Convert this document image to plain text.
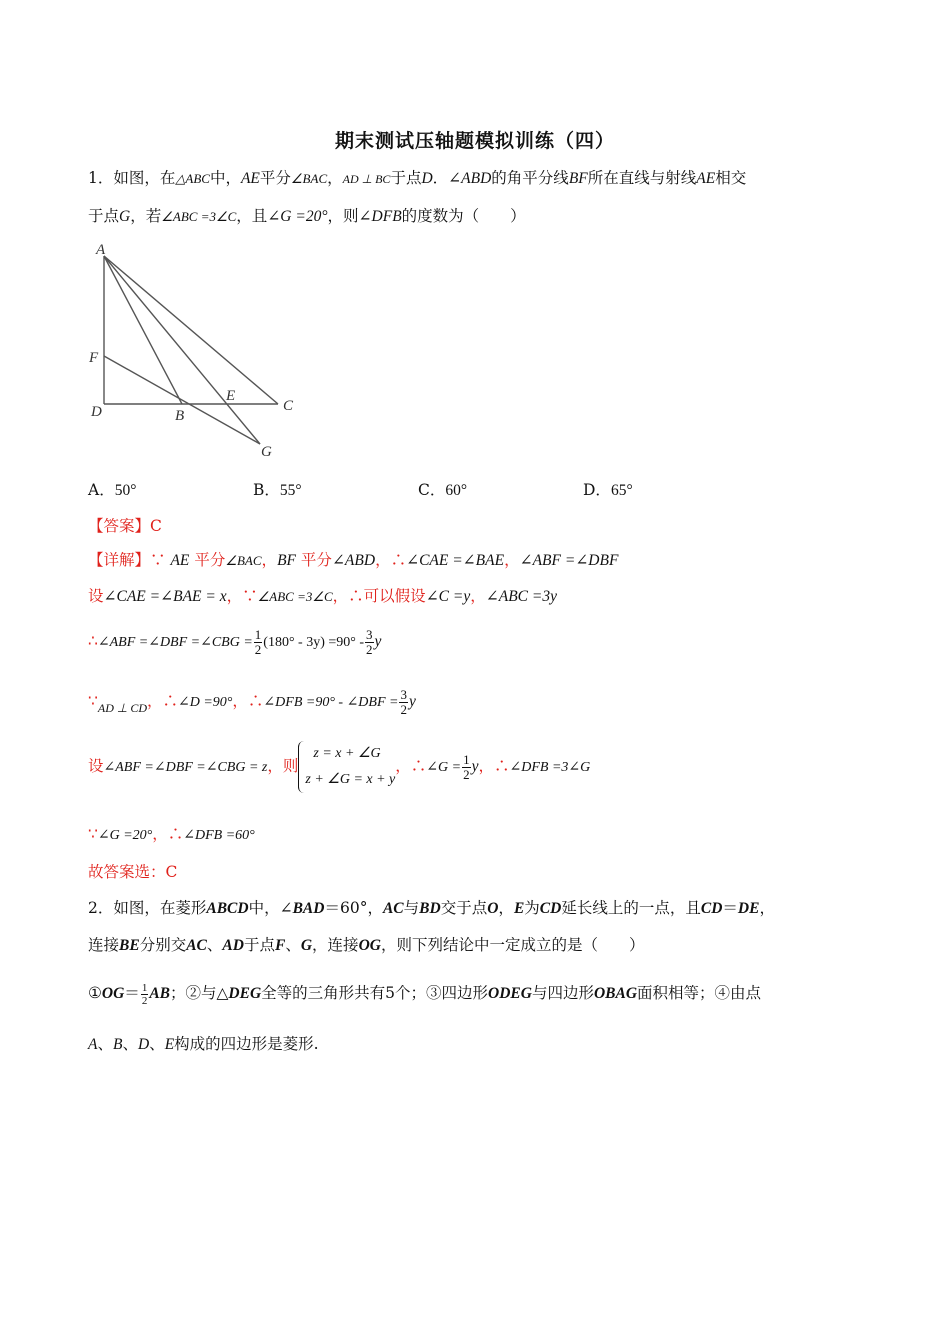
期末测试压轴题模拟训练（四）
1．如图，在△ABC中，AE平分∠BAC，AD ⊥ BC于点D．∠ABD的角平分线BF所在直线与射线AE相交
于点G，若∠ABC =3∠C，且∠G =20°，则∠DFB的度数为（　　）
A
F
D	B
E
C
G
A．50°	B．55°	C．60°	D．65°
【答案】C
【详解】∵ AE 平分∠BAC，BF 平分∠ABD，∴∠CAE =∠BAE，∠ABF =∠DBF
设∠CAE =∠BAE = x，∵∠ABC =3∠C，∴可以假设∠C =y，∠ABC =3y
∴∠ABF =∠DBF =∠CBG = $\frac{1}{2} (180^\circ - 3y) =90^\circ - \frac{3}{2}$ y
$\because_{AD \perp CD}$，∴∠D =90°，∴∠DFB =90° - ∠DBF = $\frac{3}{2}$ y
设∠ABF =∠DBF =∠CBG = z，则
z = x + ∠G
z + ∠G = x + y
，∴∠G = $\frac{1}{2}$ y，∴∠DFB =3∠G
∵∠G =20°，∴∠DFB =60°
故答案选：C
2．如图，在菱形ABCD中，∠BAD＝60°，AC与BD交于点O，E为CD延长线上的一点，且CD＝DE，
连接BE分别交AC、AD于点F、G，连接OG，则下列结论中一定成立的是（　　）
①OG＝ $\frac{1}{2}$ AB；②与△DEG全等的三角形共有5个；③四边形ODEG与四边形OBAG面积相等；④由点
A、B、D、E构成的四边形是菱形.
